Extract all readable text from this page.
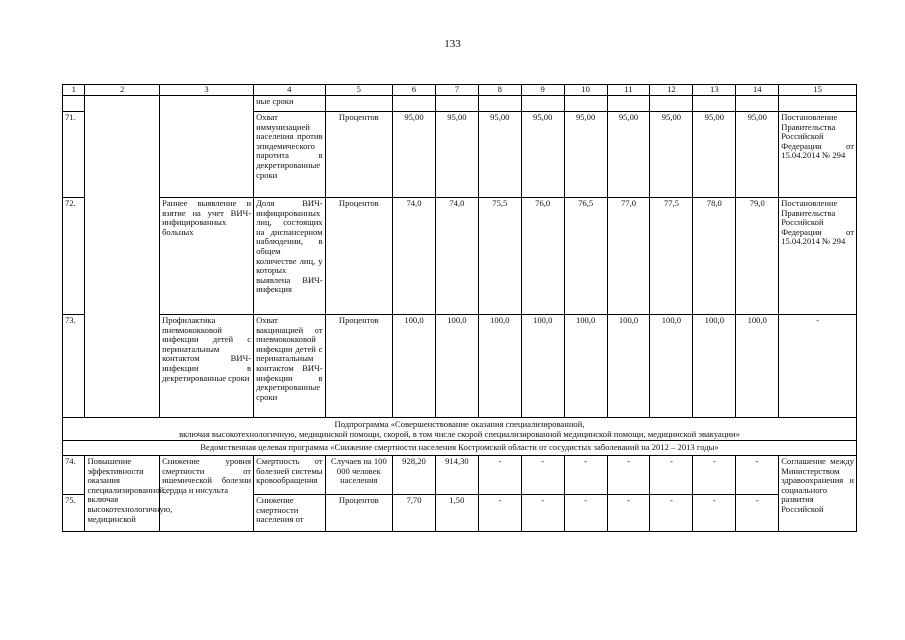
133
1	2	3	4	5	6	7	8	9	10	11	12	13	14	15
			ные сроки											
71.			Охват иммунизацией населения против эпидемического паротита в декретированные сроки	Процентов	95,00	95,00	95,00	95,00	95,00	95,00	95,00	95,00	95,00	Постановление Правительства Российской Федерации от 15.04.2014 № 294
72.		Раннее выявление и взятие на учет ВИЧ-инфицированных больных	Доля ВИЧ-инфицированных лиц, состоящих на диспансерном наблюдении, в общем количестве лиц, у которых выявлена ВИЧ-инфекция	Процентов	74,0	74,0	75,5	76,0	76,5	77,0	77,5	78,0	79,0	Постановление Правительства Российской Федерации от 15.04.2014 № 294
73.		Профилактика пневмококковой инфекции детей с перинатальным контактом ВИЧ-инфекции в декретированные сроки	Охват вакцинацией от пневмококковой инфекции детей с перинатальным контактом ВИЧ-инфекции в декретированные сроки	Процентов	100,0	100,0	100,0	100,0	100,0	100,0	100,0	100,0	100,0	-

Подпрограмма «Совершенствование оказания специализированной,
включая высокотехнологичную, медицинской помощи, скорой, в том числе скорой специализированной медицинской помощи, медицинской эвакуации»														

Ведомственная целевая программа «Снижение смертности населения Костромской области от сосудистых заболеваний на 2012 – 2013 годы»														
74.	Повышение эффективности оказания специализированной, включая высокотехнологичную, медицинской	Снижение уровня смертности от ишемической болезни сердца и инсульта	Смертность от болезней системы кровообращения	Случаев на 100 000 человек населения	928,20	914,30	-	-	-	-	-	-	-	Соглашение между Министерством здравоохранения и социального развития Российской
75.			Снижение смертности населения от	Процентов	7,70	1,50	-	-	-	-	-	-	-	
